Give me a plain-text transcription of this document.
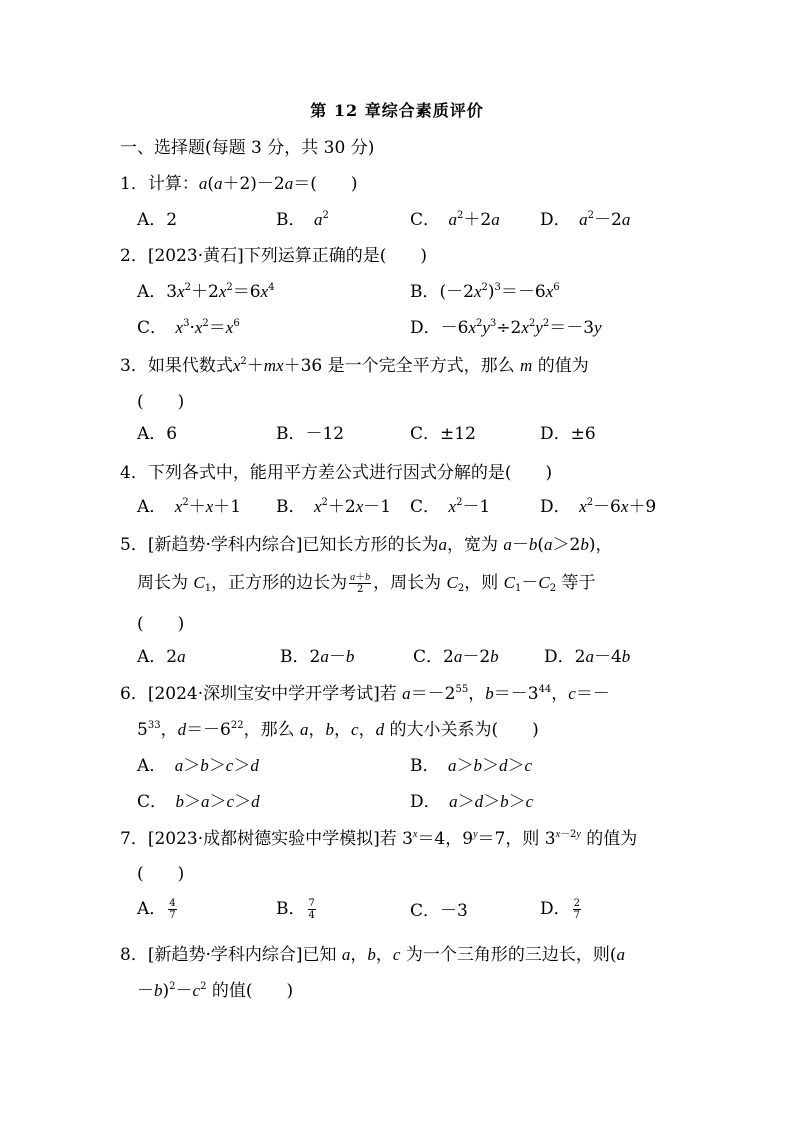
第 12 章综合素质评价
一、选择题(每题 3 分，共 30 分)
1．计算：a(a＋2)－2a＝(　　)
A．2	B．　$a^2$	C．　$a^2+2a$ D．　$a^2-2a$
2．[2023·黄石]下列运算正确的是(　　)
A．$3x^2+2x^2=6x^4$	B．$(-2x^2)^3=-6x^6$
C．　$x^3\cdot x^2=x^6$	D．$-6x^2y^3\div 2x^2y^2=-3y$
3．如果代数式$x^2+mx+36$ 是一个完全平方式，那么 m 的值为
(　　)
A．6	B．－12	C．±12	D．±6
4．下列各式中，能用平方差公式进行因式分解的是(　　)
A．　$x^2+x+1$ B．　$x^2+2x-1$ C．　$x^2-1$	D．　$x^2-6x+9$
5．[新趋势·学科内综合]已知长方形的长为a，宽为 a－b(a＞2b)，
周长为 $C_1$，正方形的边长为 $\frac{a+b}{2}$ ，周长为 $C_2$，则 $C_1-C_2$ 等于
(　　)
A．2a	B．2a－b	C．2a－2b	D．2a－4b
6．[2024·深圳宝安中学开学考试]若 $a=-2^{55}$，$b=-3^{44}$，c＝－
$5^{33}$，$d=-6^{22}$，那么 a，b，c，d 的大小关系为(　　)
A．　a＞b＞c＞d	B．　a＞b＞d＞c
C．　b＞a＞c＞d	D．　a＞d＞b＞c
7．[2023·成都树德实验中学模拟]若 $3^x=4$，$9^y=7$，则 $3^{x-2y}$ 的值为
(　　)
A． $\frac{4}{7}$	B． $\frac{7}{4}$	C．－3	D． $\frac{2}{7}$
8．[新趋势·学科内综合]已知 a，b，c 为一个三角形的三边长，则(a
$-b)^2-c^2$ 的值(　　)
